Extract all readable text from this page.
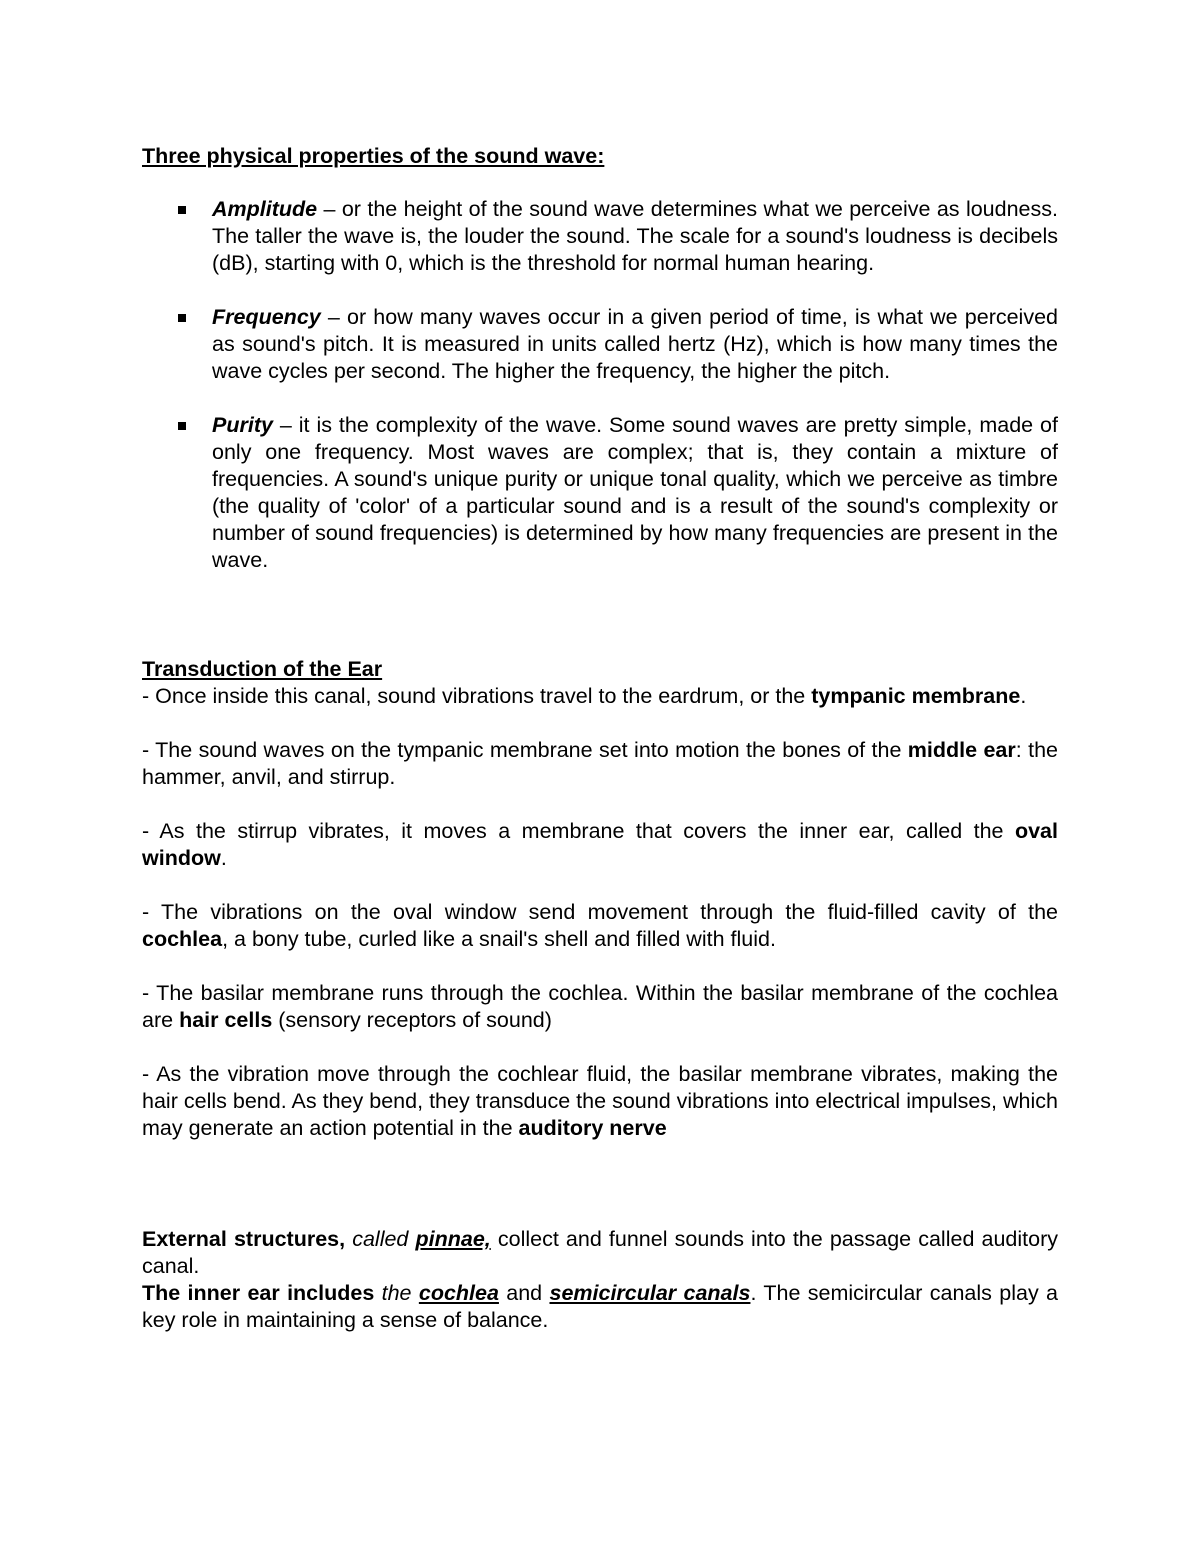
Three physical properties of the sound wave:
Amplitude – or the height of the sound wave determines what we perceive as loudness. The taller the wave is, the louder the sound. The scale for a sound's loudness is decibels (dB), starting with 0, which is the threshold for normal human hearing.
Frequency – or how many waves occur in a given period of time, is what we perceived as sound's pitch. It is measured in units called hertz (Hz), which is how many times the wave cycles per second. The higher the frequency, the higher the pitch.
Purity – it is the complexity of the wave. Some sound waves are pretty simple, made of only one frequency. Most waves are complex; that is, they contain a mixture of frequencies. A sound's unique purity or unique tonal quality, which we perceive as timbre (the quality of 'color' of a particular sound and is a result of the sound's complexity or number of sound frequencies) is determined by how many frequencies are present in the wave.
Transduction of the Ear

- Once inside this canal, sound vibrations travel to the eardrum, or the tympanic membrane.

- The sound waves on the tympanic membrane set into motion the bones of the middle ear: the hammer, anvil, and stirrup.

- As the stirrup vibrates, it moves a membrane that covers the inner ear, called the oval window.

- The vibrations on the oval window send movement through the fluid-filled cavity of the cochlea, a bony tube, curled like a snail's shell and filled with fluid.

- The basilar membrane runs through the cochlea. Within the basilar membrane of the cochlea are hair cells (sensory receptors of sound)

- As the vibration move through the cochlear fluid, the basilar membrane vibrates, making the hair cells bend. As they bend, they transduce the sound vibrations into electrical impulses, which may generate an action potential in the auditory nerve

External structures, called pinnae, collect and funnel sounds into the passage called auditory canal.

The inner ear includes the cochlea and semicircular canals. The semicircular canals play a key role in maintaining a sense of balance.
